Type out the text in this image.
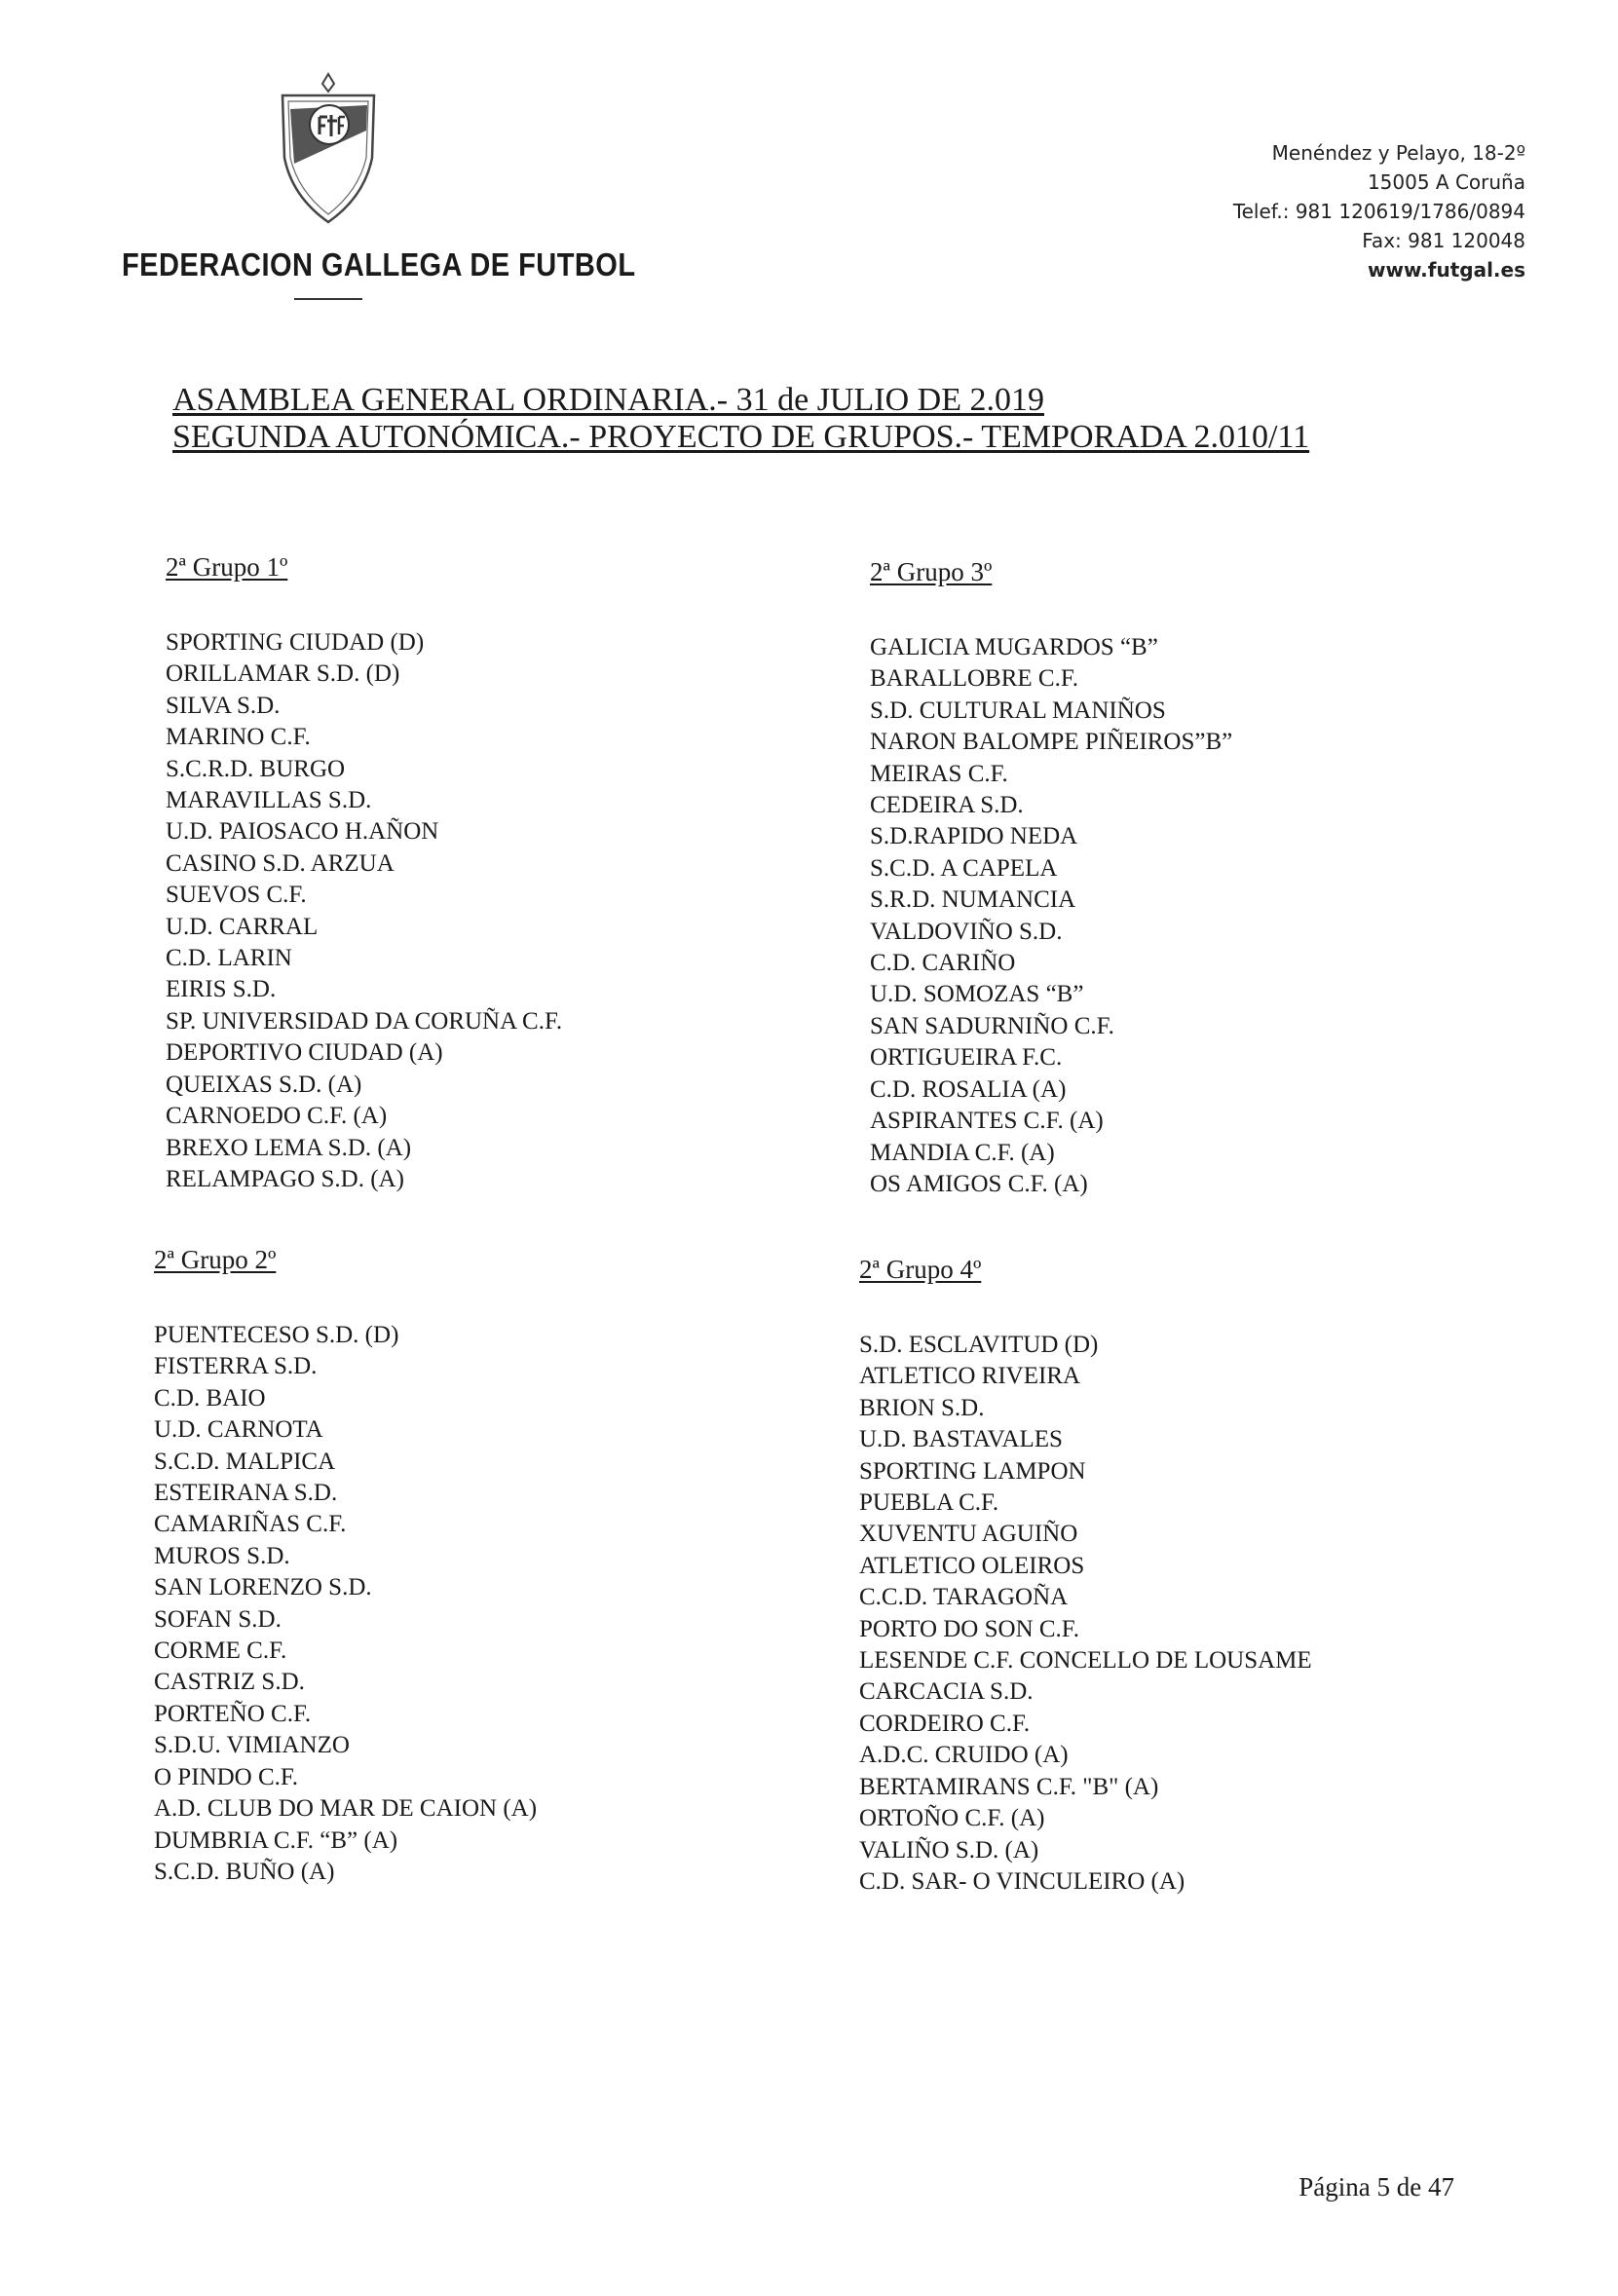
FEDERACION GALLEGA DE FUTBOL
Menéndez y Pelayo, 18-2º
15005 A Coruña
Telef.: 981 120619/1786/0894
Fax: 981 120048
www.futgal.es
ASAMBLEA GENERAL ORDINARIA.- 31 de JULIO DE 2.019
SEGUNDA AUTONÓMICA.- PROYECTO DE GRUPOS.- TEMPORADA 2.010/11
2ª Grupo 1º
SPORTING CIUDAD (D)
ORILLAMAR S.D. (D)
SILVA S.D.
MARINO C.F.
S.C.R.D. BURGO
MARAVILLAS S.D.
U.D. PAIOSACO H.AÑON
CASINO S.D. ARZUA
SUEVOS C.F.
U.D. CARRAL
C.D. LARIN
EIRIS S.D.
SP. UNIVERSIDAD DA CORUÑA C.F.
DEPORTIVO CIUDAD (A)
QUEIXAS S.D. (A)
CARNOEDO C.F. (A)
BREXO LEMA S.D. (A)
RELAMPAGO S.D. (A)
2ª Grupo 3º
GALICIA MUGARDOS “B”
BARALLOBRE C.F.
S.D. CULTURAL MANIÑOS
NARON BALOMPE PIÑEIROS”B”
MEIRAS C.F.
CEDEIRA S.D.
S.D.RAPIDO NEDA
S.C.D. A CAPELA
S.R.D. NUMANCIA
VALDOVIÑO S.D.
C.D. CARIÑO
U.D. SOMOZAS “B”
SAN SADURNIÑO C.F.
ORTIGUEIRA F.C.
C.D. ROSALIA (A)
ASPIRANTES C.F. (A)
MANDIA C.F. (A)
OS AMIGOS C.F. (A)
2ª Grupo 2º
PUENTECESO S.D. (D)
FISTERRA S.D.
C.D. BAIO
U.D. CARNOTA
S.C.D. MALPICA
ESTEIRANA S.D.
CAMARIÑAS C.F.
MUROS S.D.
SAN LORENZO S.D.
SOFAN S.D.
CORME C.F.
CASTRIZ S.D.
PORTEÑO C.F.
S.D.U. VIMIANZO
O PINDO C.F.
A.D. CLUB DO MAR DE CAION (A)
DUMBRIA C.F. “B” (A)
S.C.D. BUÑO (A)
2ª Grupo 4º
S.D. ESCLAVITUD (D)
ATLETICO RIVEIRA
BRION S.D.
U.D. BASTAVALES
SPORTING LAMPON
PUEBLA C.F.
XUVENTU AGUIÑO
ATLETICO OLEIROS
C.C.D. TARAGOÑA
PORTO DO SON C.F.
LESENDE C.F. CONCELLO DE LOUSAME
CARCACIA S.D.
CORDEIRO C.F.
A.D.C. CRUIDO (A)
BERTAMIRANS C.F. "B" (A)
ORTOÑO C.F. (A)
VALIÑO S.D. (A)
C.D. SAR- O VINCULEIRO (A)
Página 5 de 47
